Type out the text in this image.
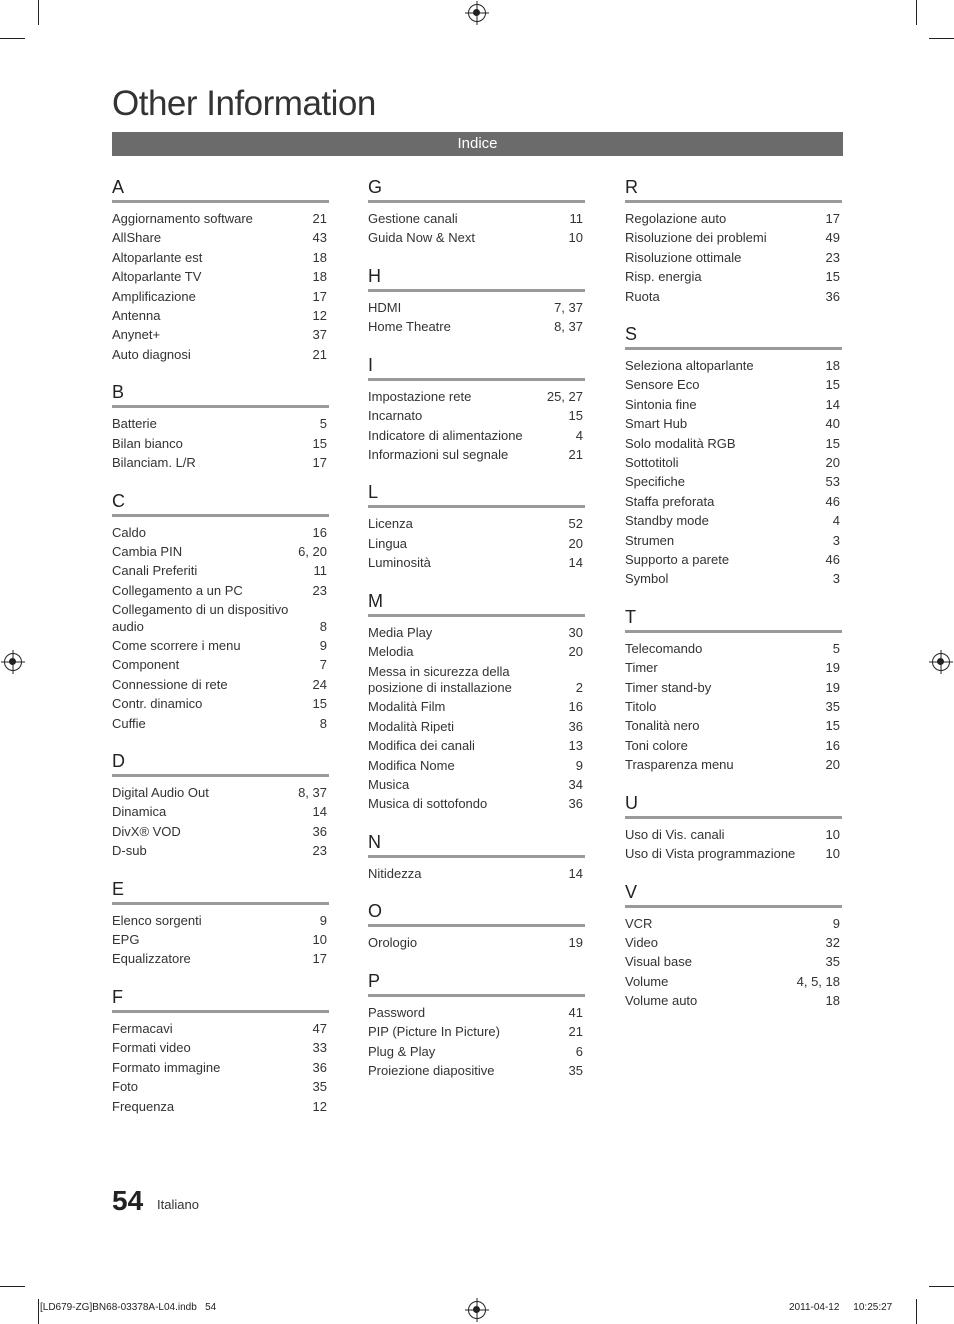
Other Information
Indice
A
Aggiornamento software	21
AllShare	43
Altoparlante est	18
Altoparlante TV	18
Amplificazione	17
Antenna	12
Anynet+	37
Auto diagnosi	21
B
Batterie	5
Bilan bianco	15
Bilanciam. L/R	17
C
Caldo	16
Cambia PIN	6, 20
Canali Preferiti	11
Collegamento a un PC	23
Collegamento di un dispositivo audio	8
Come scorrere i menu	9
Component	7
Connessione di rete	24
Contr. dinamico	15
Cuffie	8
D
Digital Audio Out	8, 37
Dinamica	14
DivX® VOD	36
D-sub	23
E
Elenco sorgenti	9
EPG	10
Equalizzatore	17
F
Fermacavi	47
Formati video	33
Formato immagine	36
Foto	35
Frequenza	12
G
Gestione canali	11
Guida Now & Next	10
H
HDMI	7, 37
Home Theatre	8, 37
I
Impostazione rete	25, 27
Incarnato	15
Indicatore di alimentazione	4
Informazioni sul segnale	21
L
Licenza	52
Lingua	20
Luminosità	14
M
Media Play	30
Melodia	20
Messa in sicurezza della posizione di installazione	2
Modalità Film	16
Modalità Ripeti	36
Modifica dei canali	13
Modifica Nome	9
Musica	34
Musica di sottofondo	36
N
Nitidezza	14
O
Orologio	19
P
Password	41
PIP (Picture In Picture)	21
Plug & Play	6
Proiezione diapositive	35
R
Regolazione auto	17
Risoluzione dei problemi	49
Risoluzione ottimale	23
Risp. energia	15
Ruota	36
S
Seleziona altoparlante	18
Sensore Eco	15
Sintonia fine	14
Smart Hub	40
Solo modalità RGB	15
Sottotitoli	20
Specifiche	53
Staffa preforata	46
Standby mode	4
Strumen	3
Supporto a parete	46
Symbol	3
T
Telecomando	5
Timer	19
Timer stand-by	19
Titolo	35
Tonalità nero	15
Toni colore	16
Trasparenza menu	20
U
Uso di Vis. canali	10
Uso di Vista programmazione	10
V
VCR	9
Video	32
Visual base	35
Volume	4, 5, 18
Volume auto	18
54 Italiano
[LD679-ZG]BN68-03378A-L04.indb   54	2011-04-12     10:25:27
